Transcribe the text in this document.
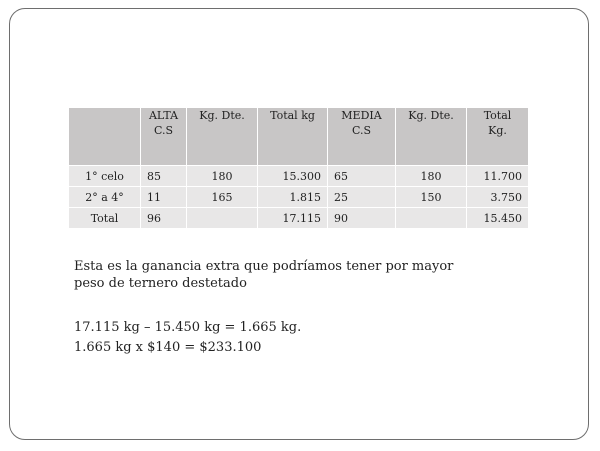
	ALTA C.S	Kg. Dte.	Total kg	MEDIA C.S	Kg. Dte.	Total Kg.
1° celo	85	180	15.300	65	180	11.700
2° a 4°	11	165	1.815	25	150	3.750
Total	96		17.115	90		15.450
Esta es la ganancia extra que podríamos tener por mayor peso de ternero destetado
17.115 kg – 15.450 kg = 1.665 kg.
1.665 kg x $140 = $233.100
